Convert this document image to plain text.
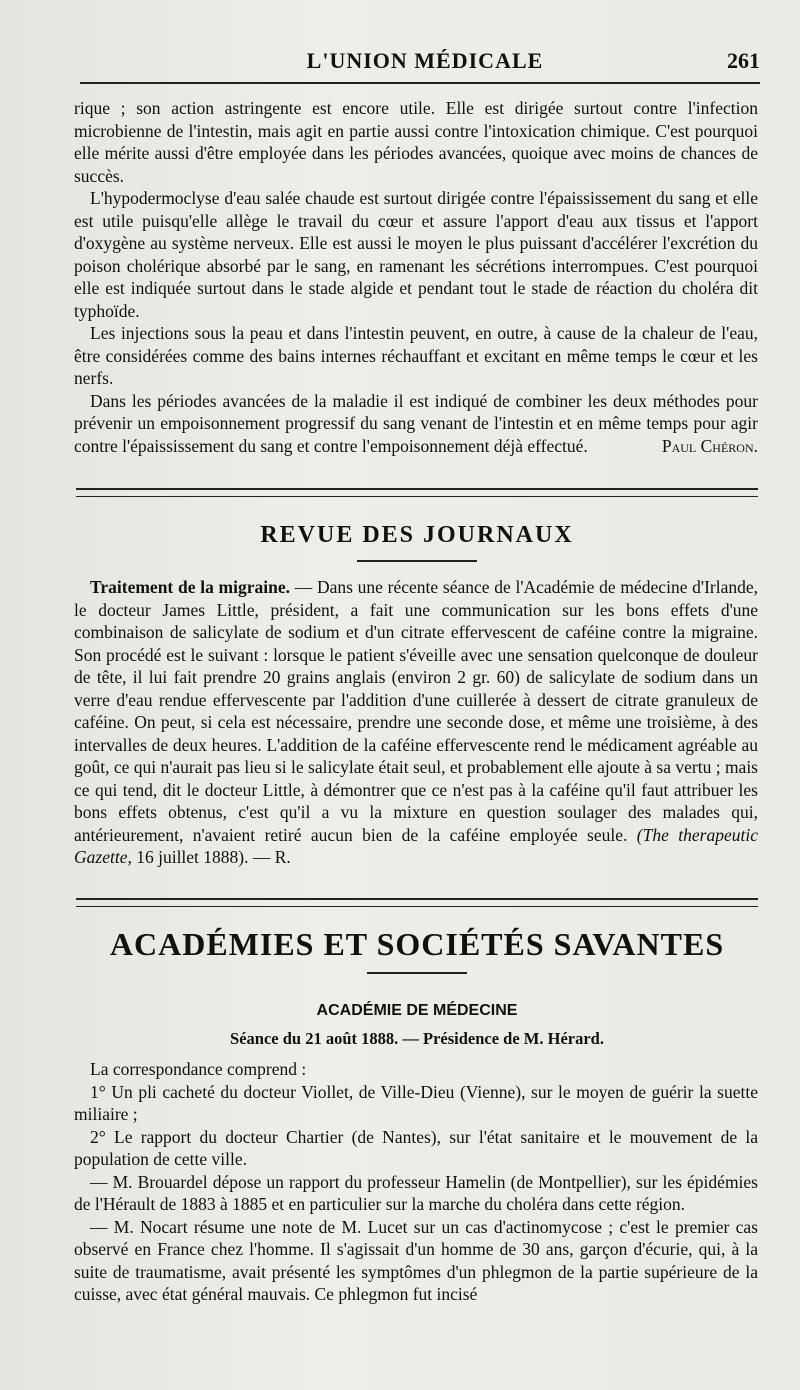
L'UNION MÉDICALE	261

rique ; son action astringente est encore utile. Elle est dirigée surtout contre l'infection microbienne de l'intestin, mais agit en partie aussi contre l'intoxication chimique. C'est pourquoi elle mérite aussi d'être employée dans les périodes avancées, quoique avec moins de chances de succès.

L'hypodermoclyse d'eau salée chaude est surtout dirigée contre l'épaississement du sang et elle est utile puisqu'elle allège le travail du cœur et assure l'apport d'eau aux tissus et l'apport d'oxygène au système nerveux. Elle est aussi le moyen le plus puissant d'accélérer l'excrétion du poison cholérique absorbé par le sang, en ramenant les sécrétions interrompues. C'est pourquoi elle est indiquée surtout dans le stade algide et pendant tout le stade de réaction du choléra dit typhoïde.

Les injections sous la peau et dans l'intestin peuvent, en outre, à cause de la chaleur de l'eau, être considérées comme des bains internes réchauffant et excitant en même temps le cœur et les nerfs.

Dans les périodes avancées de la maladie il est indiqué de combiner les deux méthodes pour prévenir un empoisonnement progressif du sang venant de l'intestin et en même temps pour agir contre l'épaississement du sang et contre l'empoisonnement déjà effectué.	Paul Chéron.

REVUE DES JOURNAUX

Traitement de la migraine. — Dans une récente séance de l'Académie de médecine d'Irlande, le docteur James Little, président, a fait une communication sur les bons effets d'une combinaison de salicylate de sodium et d'un citrate effervescent de caféine contre la migraine. Son procédé est le suivant : lorsque le patient s'éveille avec une sensation quelconque de douleur de tête, il lui fait prendre 20 grains anglais (environ 2 gr. 60) de salicylate de sodium dans un verre d'eau rendue effervescente par l'addition d'une cuillerée à dessert de citrate granuleux de caféine. On peut, si cela est nécessaire, prendre une seconde dose, et même une troisième, à des intervalles de deux heures. L'addition de la caféine effervescente rend le médicament agréable au goût, ce qui n'aurait pas lieu si le salicylate était seul, et probablement elle ajoute à sa vertu ; mais ce qui tend, dit le docteur Little, à démontrer que ce n'est pas à la caféine qu'il faut attribuer les bons effets obtenus, c'est qu'il a vu la mixture en question soulager des malades qui, antérieurement, n'avaient retiré aucun bien de la caféine employée seule. (The therapeutic Gazette, 16 juillet 1888). — R.

ACADÉMIES ET SOCIÉTÉS SAVANTES
ACADÉMIE DE MÉDECINE
Séance du 21 août 1888. — Présidence de M. Hérard.

La correspondance comprend :

1° Un pli cacheté du docteur Viollet, de Ville-Dieu (Vienne), sur le moyen de guérir la suette miliaire ;

2° Le rapport du docteur Chartier (de Nantes), sur l'état sanitaire et le mouvement de la population de cette ville.

— M. Brouardel dépose un rapport du professeur Hamelin (de Montpellier), sur les épidémies de l'Hérault de 1883 à 1885 et en particulier sur la marche du choléra dans cette région.

— M. Nocart résume une note de M. Lucet sur un cas d'actinomycose ; c'est le premier cas observé en France chez l'homme. Il s'agissait d'un homme de 30 ans, garçon d'écurie, qui, à la suite de traumatisme, avait présenté les symptômes d'un phlegmon de la partie supérieure de la cuisse, avec état général mauvais. Ce phlegmon fut incisé
